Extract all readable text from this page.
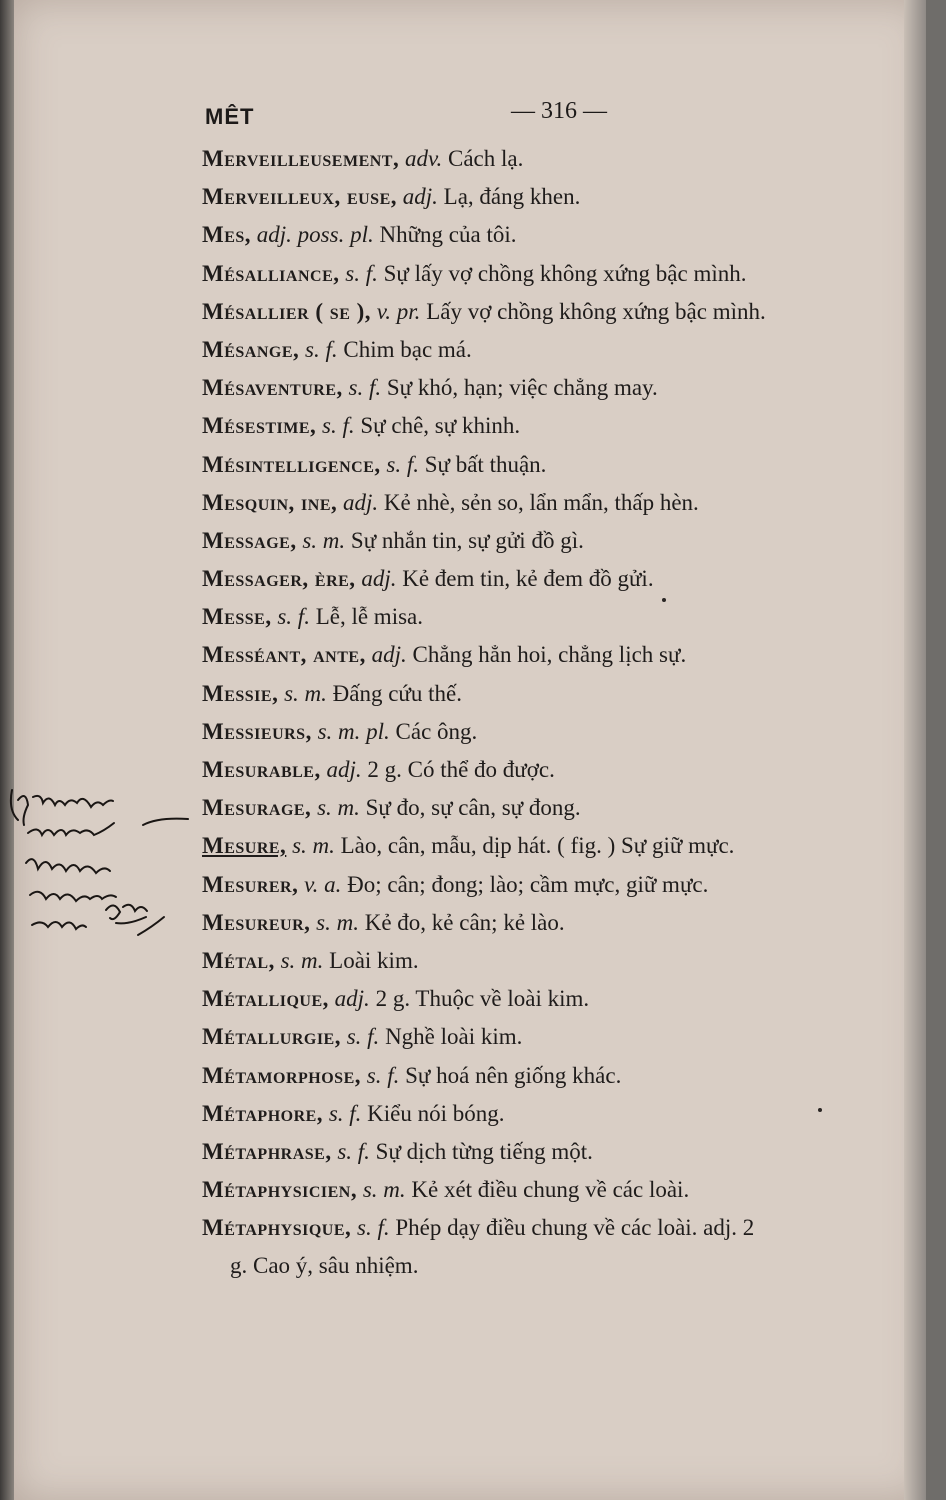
MÊT	— 316 —
Merveilleusement, adv. Cách lạ.
Merveilleux, euse, adj. Lạ, đáng khen.
Mes, adj. poss. pl. Những của tôi.
Mésalliance, s. f. Sự lấy vợ chồng không xứng bậc mình.
Mésallier ( se ), v. pr. Lấy vợ chồng không xứng bậc mình.
Mésange, s. f. Chim bạc má.
Mésaventure, s. f. Sự khó, hạn; việc chẳng may.
Mésestime, s. f. Sự chê, sự khinh.
Mésintelligence, s. f. Sự bất thuận.
Mesquin, ine, adj. Kẻ nhè, sẻn so, lẩn mẩn, thấp hèn.
Message, s. m. Sự nhắn tin, sự gửi đồ gì.
Messager, ère, adj. Kẻ đem tin, kẻ đem đồ gửi.
Messe, s. f. Lễ, lễ misa.
Messéant, ante, adj. Chẳng hẳn hoi, chẳng lịch sự.
Messie, s. m. Đấng cứu thế.
Messieurs, s. m. pl. Các ông.
Mesurable, adj. 2 g. Có thể đo được.
Mesurage, s. m. Sự đo, sự cân, sự đong.
Mesure, s. m. Lào, cân, mẫu, dịp hát. ( fig. ) Sự giữ mực.
Mesurer, v. a. Đo; cân; đong; lào; cầm mực, giữ mực.
Mesureur, s. m. Kẻ đo, kẻ cân; kẻ lào.
Métal, s. m. Loài kim.
Métallique, adj. 2 g. Thuộc về loài kim.
Métallurgie, s. f. Nghề loài kim.
Métamorphose, s. f. Sự hoá nên giống khác.
Métaphore, s. f. Kiểu nói bóng.
Métaphrase, s. f. Sự dịch từng tiếng một.
Métaphysicien, s. m. Kẻ xét điều chung về các loài.
Métaphysique, s. f. Phép dạy điều chung về các loài. adj. 2
g. Cao ý, sâu nhiệm.
